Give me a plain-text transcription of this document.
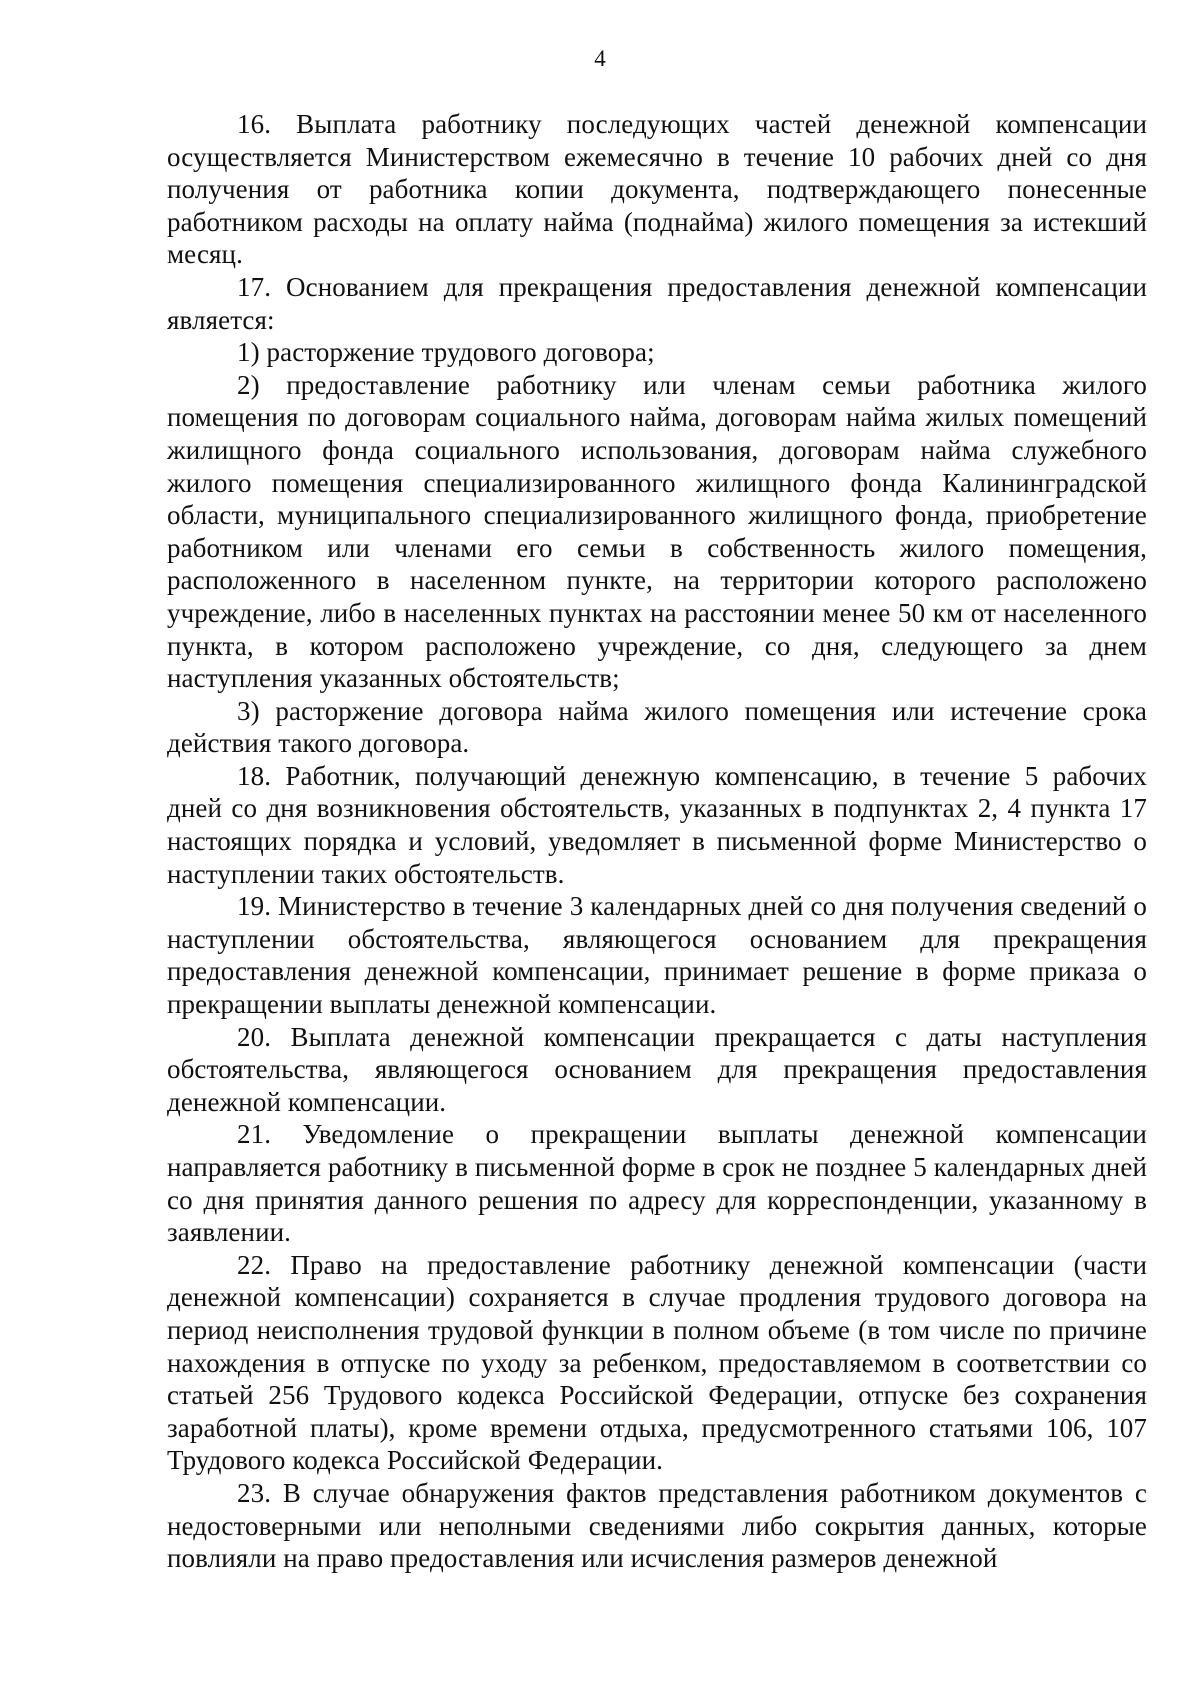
4

16. Выплата работнику последующих частей денежной компенсации осуществляется Министерством ежемесячно в течение 10 рабочих дней со дня получения от работника копии документа, подтверждающего понесенные работником расходы на оплату найма (поднайма) жилого помещения за истекший месяц.

17. Основанием для прекращения предоставления денежной компенсации является:

1) расторжение трудового договора;

2) предоставление работнику или членам семьи работника жилого помещения по договорам социального найма, договорам найма жилых помещений жилищного фонда социального использования, договорам найма служебного жилого помещения специализированного жилищного фонда Калининградской области, муниципального специализированного жилищного фонда, приобретение работником или членами его семьи в собственность жилого помещения, расположенного в населенном пункте, на территории которого расположено учреждение, либо в населенных пунктах на расстоянии менее 50 км от населенного пункта, в котором расположено учреждение, со дня, следующего за днем наступления указанных обстоятельств;

3) расторжение договора найма жилого помещения или истечение срока действия такого договора.

18. Работник, получающий денежную компенсацию, в течение 5 рабочих дней со дня возникновения обстоятельств, указанных в подпунктах 2, 4 пункта 17 настоящих порядка и условий, уведомляет в письменной форме Министерство о наступлении таких обстоятельств.

19. Министерство в течение 3 календарных дней со дня получения сведений о наступлении обстоятельства, являющегося основанием для прекращения предоставления денежной компенсации, принимает решение в форме приказа о прекращении выплаты денежной компенсации.

20. Выплата денежной компенсации прекращается с даты наступления обстоятельства, являющегося основанием для прекращения предоставления денежной компенсации.

21. Уведомление о прекращении выплаты денежной компенсации направляется работнику в письменной форме в срок не позднее 5 календарных дней со дня принятия данного решения по адресу для корреспонденции, указанному в заявлении.

22. Право на предоставление работнику денежной компенсации (части денежной компенсации) сохраняется в случае продления трудового договора на период неисполнения трудовой функции в полном объеме (в том числе по причине нахождения в отпуске по уходу за ребенком, предоставляемом в соответствии со статьей 256 Трудового кодекса Российской Федерации, отпуске без сохранения заработной платы), кроме времени отдыха, предусмотренного статьями 106, 107 Трудового кодекса Российской Федерации.

23. В случае обнаружения фактов представления работником документов с недостоверными или неполными сведениями либо сокрытия данных, которые повлияли на право предоставления или исчисления размеров денежной
